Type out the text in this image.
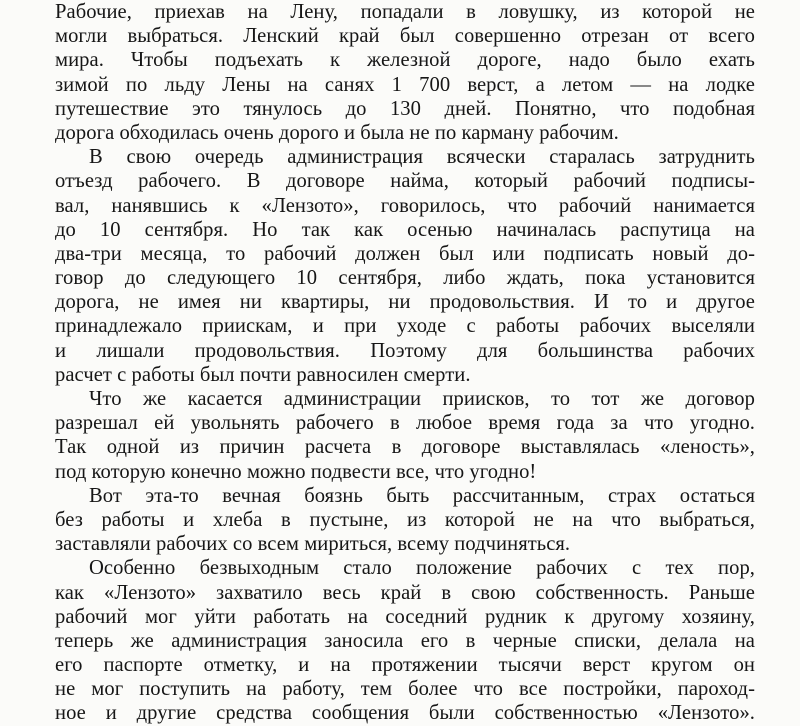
Рабочие, приехав на Лену, попадали в ловушку, из которой не
могли выбраться. Ленский край был совершенно отрезан от всего
мира. Чтобы подъехать к железной дороге, надо было ехать
зимой по льду Лены на санях 1 700 верст, а летом — на лодке
путешествие это тянулось до 130 дней. Понятно, что подобная
дорога обходилась очень дорого и была не по карману рабочим.
В свою очередь администрация всячески старалась затруднить
отъезд рабочего. В договоре найма, который рабочий подписы-
вал, нанявшись к «Лензото», говорилось, что рабочий нанимается
до 10 сентября. Но так как осенью начиналась распутица на
два-три месяца, то рабочий должен был или подписать новый до-
говор до следующего 10 сентября, либо ждать, пока установится
дорога, не имея ни квартиры, ни продовольствия. И то и другое
принадлежало приискам, и при уходе с работы рабочих выселяли
и лишали продовольствия. Поэтому для большинства рабочих
расчет с работы был почти равносилен смерти.
Что же касается администрации приисков, то тот же договор
разрешал ей увольнять рабочего в любое время года за что угодно.
Так одной из причин расчета в договоре выставлялась «леность»,
под которую конечно можно подвести все, что угодно!
Вот эта-то вечная боязнь быть рассчитанным, страх остаться
без работы и хлеба в пустыне, из которой не на что выбраться,
заставляли рабочих со всем мириться, всему подчиняться.
Особенно безвыходным стало положение рабочих с тех пор,
как «Лензото» захватило весь край в свою собственность. Раньше
рабочий мог уйти работать на соседний рудник к другому хозяину,
теперь же администрация заносила его в черные списки, делала на
его паспорте отметку, и на протяжении тысячи верст кругом он
не мог поступить на работу, тем более что все постройки, пароход-
ное и другие средства сообщения были собственностью «Лензото».
